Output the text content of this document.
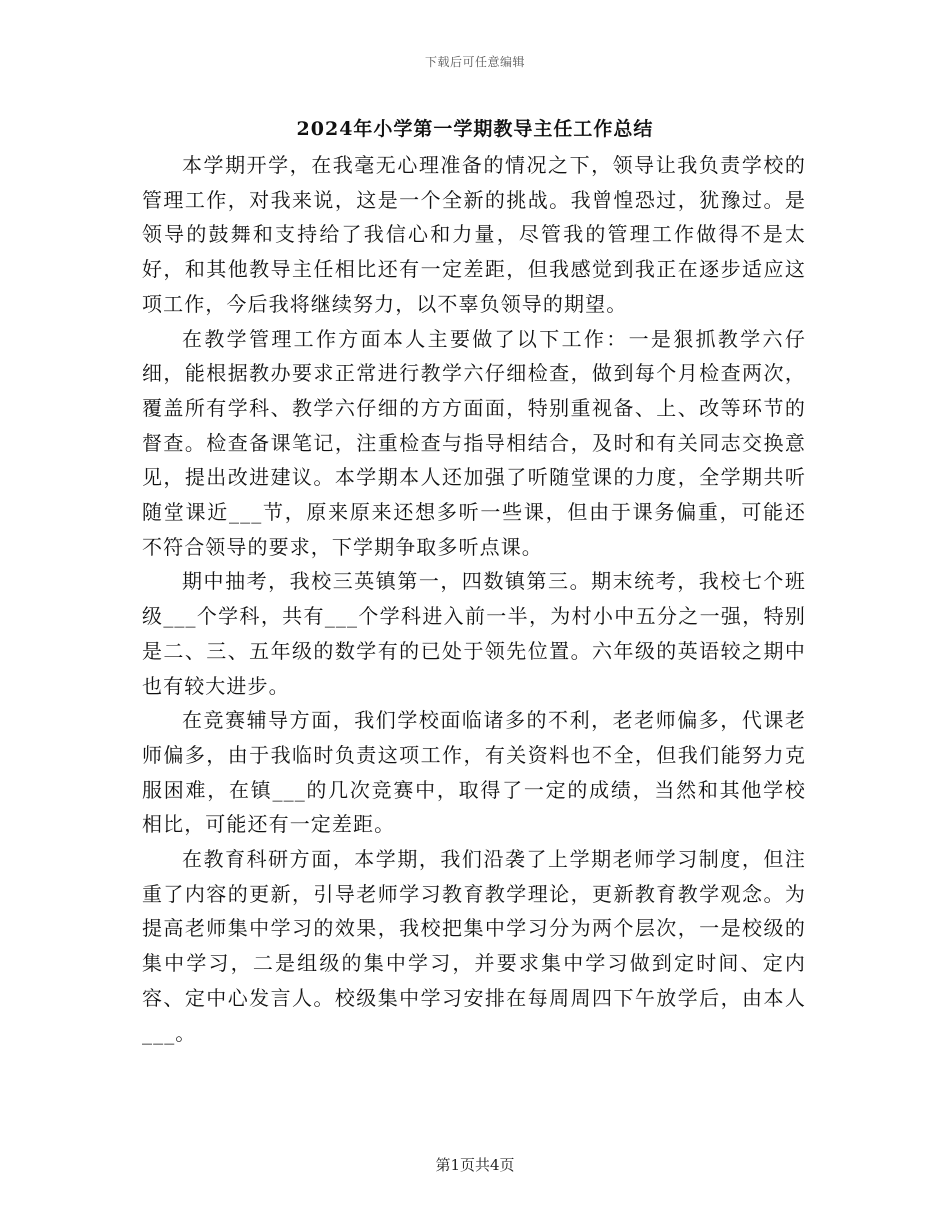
下载后可任意编辑
2024年小学第一学期教导主任工作总结

本学期开学，在我毫无心理准备的情况之下，领导让我负责学校的管理工作，对我来说，这是一个全新的挑战。我曾惶恐过，犹豫过。是领导的鼓舞和支持给了我信心和力量，尽管我的管理工作做得不是太好，和其他教导主任相比还有一定差距，但我感觉到我正在逐步适应这项工作，今后我将继续努力，以不辜负领导的期望。

在教学管理工作方面本人主要做了以下工作：一是狠抓教学六仔细，能根据教办要求正常进行教学六仔细检查，做到每个月检查两次，覆盖所有学科、教学六仔细的方方面面，特别重视备、上、改等环节的督查。检查备课笔记，注重检查与指导相结合，及时和有关同志交换意见，提出改进建议。本学期本人还加强了听随堂课的力度，全学期共听随堂课近___节，原来原来还想多听一些课，但由于课务偏重，可能还不符合领导的要求，下学期争取多听点课。

期中抽考，我校三英镇第一，四数镇第三。期末统考，我校七个班级___个学科，共有___个学科进入前一半，为村小中五分之一强，特别是二、三、五年级的数学有的已处于领先位置。六年级的英语较之期中也有较大进步。

在竞赛辅导方面，我们学校面临诸多的不利，老老师偏多，代课老师偏多，由于我临时负责这项工作，有关资料也不全，但我们能努力克服困难，在镇___的几次竞赛中，取得了一定的成绩，当然和其他学校相比，可能还有一定差距。

在教育科研方面，本学期，我们沿袭了上学期老师学习制度，但注重了内容的更新，引导老师学习教育教学理论，更新教育教学观念。为提高老师集中学习的效果，我校把集中学习分为两个层次，一是校级的集中学习，二是组级的集中学习，并要求集中学习做到定时间、定内容、定中心发言人。校级集中学习安排在每周周四下午放学后，由本人___。

第1页共4页
